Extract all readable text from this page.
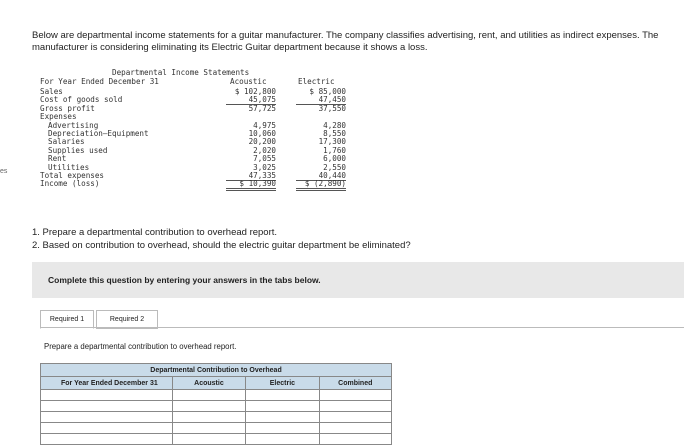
es
Below are departmental income statements for a guitar manufacturer. The company classifies advertising, rent, and utilities as indirect expenses. The manufacturer is considering eliminating its Electric Guitar department because it shows a loss.
Departmental Income Statements
For Year Ended December 31	Acoustic	Electric
Sales	$ 102,800	$ 85,000
Cost of goods sold	45,075	47,450
Gross profit	57,725	37,550
Expenses
Advertising	4,975	4,280
Depreciation—Equipment	10,060	8,550
Salaries	20,200	17,300
Supplies used	2,020	1,760
Rent	7,055	6,000
Utilities	3,025	2,550
Total expenses	47,335	40,440
Income (loss)	$ 10,390	$ (2,890)
1. Prepare a departmental contribution to overhead report.
2. Based on contribution to overhead, should the electric guitar department be eliminated?
Complete this question by entering your answers in the tabs below.
Required 1	Required 2
Prepare a departmental contribution to overhead report.
Departmental Contribution to Overhead			
For Year Ended December 31	Acoustic	Electric	Combined
